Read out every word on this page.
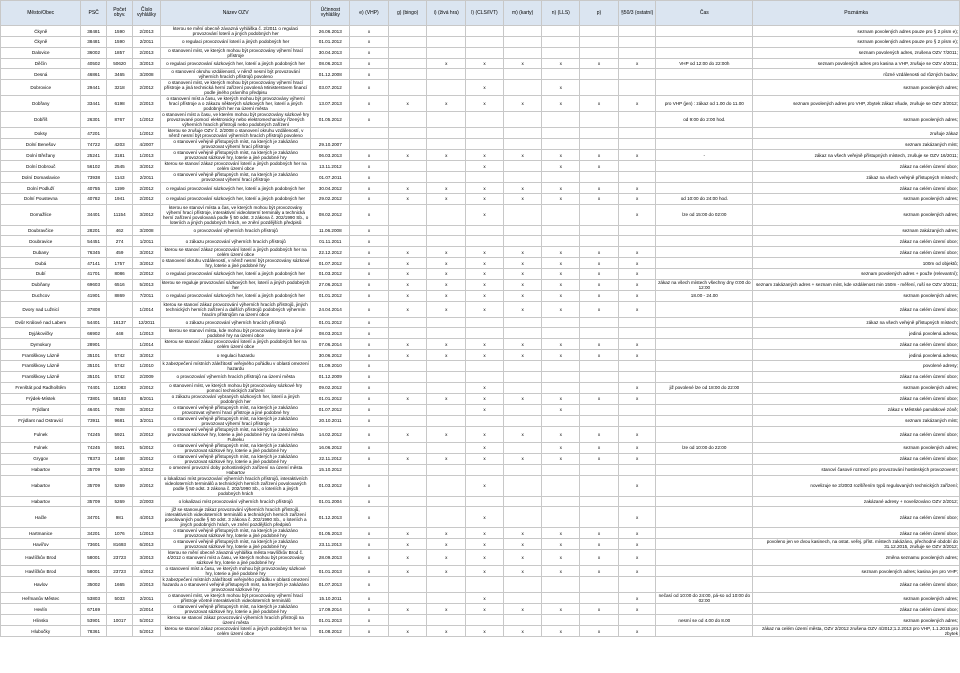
Město/Obec	PSČ	Počet obyv.	Číslo vyhlášky	Název OZV	Účinnost vyhlášky	e) (VHP)	g) (bingo)	i) (živá hra)	l) (CLS/IVT)	m) (karty)	n) (LLS)	p)	§50/3 (ostatní)	Čas	Poznámka
Čkyně	38481	1590	2/2013	kterou se mění obecně závazná vyhláška č. 2/2011 o regulaci provozování loterií a jiných podobných her	26.06.2013	x									seznam povolených adres pouze pro § 2 písm e);
Čkyně	38481	1590	2/2011	o regulaci provozování loterií a jiných podobných her	01.01.2012	x									seznam povolených adres pouze pro § 2 písm e);
Dalovice	36002	1857	2/2013	o stanovení míst, ve kterých mohou být provozovány výherní hrací přístroje	30.04.2013	x									seznam povolených adres, zrušena OZV 7/2011;
Děčín	40502	50620	3/2013	o regulaci provozování sázkových her, loterií a jiných podobných her	08.06.2013	x		x	x	x	x	x	x	VHP od 12:00 do 22:00h	seznam povolených adres pro kasina a VHP, zrušuje se OZV 4/2011;
Desná	46861	3465	3/2008	o stanovení okruhu vzdáleností, v němž nesmí být provozování výherních hracích přístrojů povoleno	01.12.2008	x									různé vzdálenosti od různých budov;
Dobrovice	29441	3218	2/2012	o stanovení míst, ve kterých mohou být provozovány výherní hrací přístroje a jiná technická herní zařízení povolená Ministerstvem financí podle jiného právního předpisu	03.07.2012	x			x		x				seznam povolených adres;
Dobřany	33441	6198	2/2013	o stanovení míst a času, ve kterých mohou být provozovány výherní hrací přístroje a o zákazu některých sázkových her, loterií a jiných podobných her na území města	13.07.2013	x	x	x	x	x	x	x	x	pro VHP (jen) : zákaz od 1.00 do 11.00	seznam povolených adres pro VHP, zbytek zákaz všude, zrušuje se OZV 3/2012;
Dobříš	26301	8767	1/2012	o stanovení míst a času, ve kterém mohou být provozovány sázkové hry provozované pomocí elektronicky nebo elektromechanicky řízených výherních hracích přístrojů nebo podobných zařízení	01.05.2012	x								od 9:00 do 2:00 hod.	seznam povolených adres;
Doksy	47201		1/2012	kterou se zrušuje OZV č. 2/2008 o stanovení okruhu vzdáleností, v němž nesmí být provozování výherních hracích přístrojů povoleno											zrušuje zákaz
Dolní Benešov	74722	4203	4/2007	o stanovení veřejně přístupných míst, na kterých je zakázáno provozovat výherní hrací přístroje	29.10.2007										seznam zakázaných míst;
Dolní Břežany	25241	3181	1/2013	o stanovení veřejně přístupných míst, na kterých je zakázáno provozovat sázkové hry, loterie a jiné podobné hry	06.03.2013	x	x	x	x	x	x	x	x	-	zákaz na všech veřejně přístupných místech, zrušuje se OZV 16/2011;
Dolní Dobrouč	56102	2545	3/2012	kterou se stanoví zákaz provozování loterií a jiných podobných her na celém území obce	13.11.2012	x			x		x	x			zákaz na celém území obce;
Dolní Domaslavice	73938	1143	2/2011	o stanovení veřejně přístupných míst, na kterých je zakázáno provozovat výherní hrací přístroje	01.07.2011	x									zákaz na všech veřejně přístupných místech;
Dolní Podluží	40755	1199	2/2012	o regulaci provozování sázkových her, loterií a jiných podobných her	30.04.2012	x	x	x	x	x	x	x	x		zákaz na celém území obce;
Dolní Poustevna	40782	1941	2/2012	o regulaci provozování sázkových her, loterií a jiných podobných her	29.02.2012	x	x	x	x	x	x	x	x	od 10:00 do 24:00 hod.	seznam povolených adres;
Domažlice	34401	11154	3/2012	kterou se stanoví místa a čas, ve kterých mohou být provozovány výherní hrací přístroje, interaktivní videoloterní terminály a technická herní zařízení povolovaná podle § 50 odst. 3 zákona č. 202/1990 Sb., o loteriích a jiných podobných hrách, ve znění pozdějších předpisů	08.02.2012	x			x				x	lze od 15:00 do 02:00	seznam povolených adres;
Doubravčice	28201	462	3/2008	o provozování výherních hracích přístrojů	11.06.2008	x									seznam zakázaných adres;
Doubravice	54451	274	1/2011	o zákazu provozování výherních hracích přístrojů	01.11.2011	x									zákaz na celém území obce;
Dubany	76345	459	3/2012	kterou se stanoví zákaz provozování loterií a jiných podobných her na celém území obce	22.12.2012	x	x	x	x	x	x	x	x		zákaz na celém území obce;
Dubá	47141	1757	3/2012	o stanovení okruhu vzdáleností, v němž nesmí být provozovány sázkové hry, loterie a jiné podobné hry	01.07.2012	x	x	x	x	x	x	x	x		100m od objektů;
Dubí	41701	8086	2/2012	o regulaci provozování sázkových her, loterií a jiných podobných her	01.03.2012	x	x	x	x	x	x	x	x		seznam povolených adres + použe (relevantní);
Dubňany	69603	6516	5/2013	kterou se reguluje provozování sázkových her, loterií a jiných podobných her	27.06.2013	x	x	x	x	x	x	x	x	zákaz na všech místech všechny dny 0:00 do 12:00	seznam zakázaných adres + seznam míst, kde vzdálenost min 150m - měření, ruší se OZV 3/2011;
Duchcov	41901	8869	7/2011	o regulaci provozování sázkových her, loterií a jiných podobných her	01.01.2012	x	x	x	x	x	x	x	x	18.00 - 24.00	seznam povolených adres;
Dvory nad Lužnicí	37808		1/2014	kterou se stanoví zákaz provozování výherních hracích přístrojů, jiných technických herních zařízení a dalších přístrojů podobných výherním hracím přístrojům na území obce	24.04.2014	x	x	x	x	x	x	x	x		zákaz na celém území obce;
Dvůr Králové nad Labem	54401	16137	12/2011	o zákazu provozování výherních hracích přístrojů	01.01.2012	x									zákaz na všech veřejně přístupných místech;
Dyjákovičky	66902	448	1/2013	kterou se stanoví místa, kde mohou být provozovány loterie a jiné podobné hry na území obce	08.03.2013	x									jediná povolená adresa;
Dymokury	28901		1/2014	kterou se stanoví zákaz provozování loterií a jiných podobných her na celém území obce	07.06.2014	x	x	x	x	x	x	x	x		zákaz na celém území obce;
Františkovy Lázně	35101	5742	3/2012	o regulaci hazardu	30.06.2012	x	x	x	x	x	x	x	x		jediná povolená adresa;
Františkovy Lázně	35101	5742	1/2010	k zabezpečení místních záležitostí veřejného pořádku v oblasti omezení hazardu	01.09.2010	x									povolené adresy;
Františkovy Lázně	35101	5742	2/2009	o provozování výherních hracích přístrojů na území města	01.12.2009	x									zákaz na celém území obce;
Frenštát pod Radhoštěm	74401	11083	2/2012	o stanovení míst, ve kterých mohou být provozovány sázkové hry pomocí technických zařízení	09.02.2012	x			x				x	již povolené lze od 18:00 do 22:00	seznam povolených adres;
Frýdek-Místek	73801	58193	8/2011	o zákazu provozování vybraných sázkových her, loterií a jiných podobných her	01.01.2012	x	x	x	x	x	x	x	x		zákaz na celém území obce;
Frýdlant	46401	7608	3/2012	o stanovení veřejně přístupných míst, na kterých je zakázáno provozovat výherní hrací přístroje a jiné podobné hry	01.07.2012	x			x		x				zákaz v Městské památkové zóně;
Frýdlant nad Ostravicí	73911	9681	3/2011	o stanovení veřejně přístupných míst, na kterých je zakázáno provozovat výherní hrací přístroje	20.10.2011	x									seznam zakázaných míst;
Fulnek	74245	5921	2/2012	o stanovení veřejně přístupných míst, na kterých je zakázáno provozovat sázkové hry, loterie a jiné podobné hry na území města Fulneku	14.02.2012	x	x	x	x	x	x	x	x		zákaz na celém území obce;
Fulnek	74245	5921	5/2012	o stanovení veřejně přístupných míst, na kterých je zakázáno provozovat sázkové hry, loterie a jiné podobné hry	16.06.2012	x			x		x	x	x	lze od 10:00 do 22:00	seznam povolených adres;
Grygov	78373	1468	3/2012	o stanovení veřejně přístupných míst, na kterých je zakázáno provozovat sázkové hry, loterie a jiné podobné hry	22.11.2012	x	x	x	x	x	x	x	x		zákaz na celém území obce;
Habartov	35709	5269	3/2012	o omezení provozní doby pohostinských zařízení na území města Habartov	15.10.2012										stanoví časové rozmezí pro provozování hostinských provozoven!!;
Habartov	35709	5269	2/2012	o lokalizaci míst provozování výherních hracích přístrojů, interaktivních videoloterních terminálů a technických herních zařízení povolovaných podle § 50 odst. 3 zákona č. 202/1990 Sb., o loteriích a jiných podobných hrách	01.03.2012	x			x				x		novelizuje se 2/2003 rozšířením typů regulovaných technických zařízení;
Habartov	35709	5269	2/2003	o lokalizaci míst provozování výherních hracích přístrojů	01.01.2004	x									zakázané adresy + novelizováno OZV 2/2012;
Hačle	34701	981	4/2013	jíž se stanovuje zákaz provozování výherních hracích přístrojů, interaktivních videoloterních terminálů a technických herních zařízení povolovaných podle § 50 odst. 3 zákona č. 202/1990 Sb., o loteriích a jiných podobných hrách, ve znění pozdějších předpisů	01.12.2013	x			x				x		zákaz na celém území obce;
Hartmanice	34201	1076	1/2013	o stanovení veřejně přístupných míst, na kterých je zakázáno provozovat sázkové hry, loterie a jiné podobné hry	01.05.2013	x	x	x	x	x	x	x	x		zákaz na celém území obce;
Havířov	73601	81693	6/2013	o stanovení veřejně přístupných míst, na kterých je zakázáno provozovat sázkové hry, loterie a jiné podobné hry	23.11.2013	x	x	x	x	x	x	x	x		povoleno jen ve dvou kasinech, na ostat. veřej. příst. místech zakázáno, přechodné období do 31.12.2015, zrušuje se OZV 3/2012;
Havlíčkův Brod	58001	23723	3/2013	kterou se mění obecně závazná vyhláška města Havlíčkův Brod č. 4/2012 o stanovení míst a času, ve kterých mohou být provozovány sázkové hry, loterie a jiné podobné hry	28.09.2013	x	x	x	x	x	x	x	x		změna seznamu povolených adres;
Havlíčkův Brod	58001	23723	4/2012	o stanovení míst a času, ve kterých mohou být provozovány sázkové hry, loterie a jiné podobné hry	01.01.2013	x	x	x	x	x	x	x	x		seznam povolených adres; kasina jen pro VHP;
Havlov	35002	1665	2/2013	k zabezpečení místních záležitostí veřejného pořádku v oblasti omezení hazardu a o stanovení veřejně přístupných míst, na kterých je zakázáno provozovat sázkové hry	01.07.2013	x									zákaz na celém území obce;
Heřmanův Městec	53803	5033	2/2011	o stanovení míst, ve kterých mohou být provozovány výherní hrací přístroje včetně interaktivních videoloterních terminálů	15.10.2011	x			x				x	nečasí od 10:00 do 24:00, pá-so od 10:00 do 02:00	seznam povolených adres;
Hevlín	67169		2/2014	o stanovení veřejně přístupných míst, na kterých je zakázáno provozovat sázkové hry, loterie a jiné podobné hry	17.09.2014	x	x	x	x	x	x	x	x		zákaz na celém území obce;
Hlinsko	53901	10017	5/2012	kterou se stanoví zákaz provozování výherních hracích přístrojů na území města	01.01.2013	x								nesmí se od 4.00 do 8.00	seznam povolených adres;
Hlubočky	78361		5/2012	kterou se stanoví zákaz provozování loterií a jiných podobných her na celém území obce	01.08.2012	x	x	x	x	x	x	x	x		zákaz na celém území města, OZV 2/2012 zrušena OZV 4/2012;1.2.2013 pro VHP, 1.1.2015 pro zbytek
